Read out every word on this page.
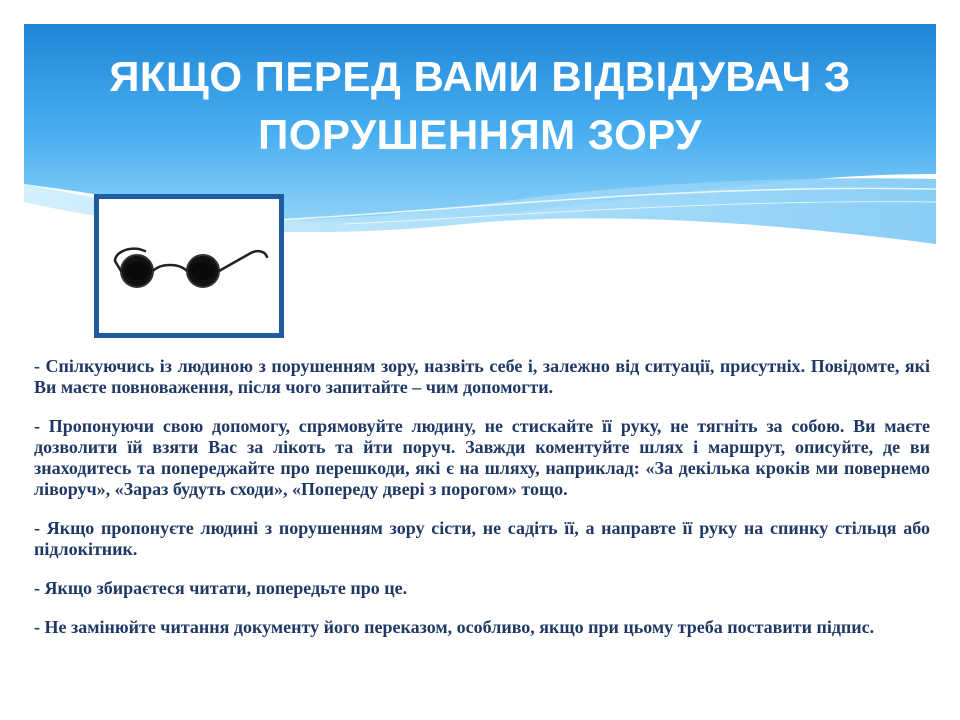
ЯКЩО ПЕРЕД ВАМИ ВІДВІДУВАЧ З ПОРУШЕННЯМ ЗОРУ

- Спілкуючись із людиною з порушенням зору, назвіть себе і, залежно від ситуації, присутніх. Повідомте, які Ви маєте повноваження, після чого запитайте – чим допомогти.

- Пропонуючи свою допомогу, спрямовуйте людину, не стискайте її руку, не тягніть за собою. Ви маєте дозволити їй взяти Вас за лікоть та йти поруч. Завжди коментуйте шлях і маршрут, описуйте, де ви знаходитесь та попереджайте про перешкоди, які є на шляху, наприклад: «За декілька кроків ми повернемо ліворуч», «Зараз будуть сходи», «Попереду двері з порогом» тощо.

- Якщо пропонуєте людині з порушенням зору сісти, не садіть її, а направте її руку на спинку стільця або підлокітник.

- Якщо збираєтеся читати, попередьте про це.

- Не замінюйте читання документу його переказом, особливо, якщо при цьому треба поставити підпис.
